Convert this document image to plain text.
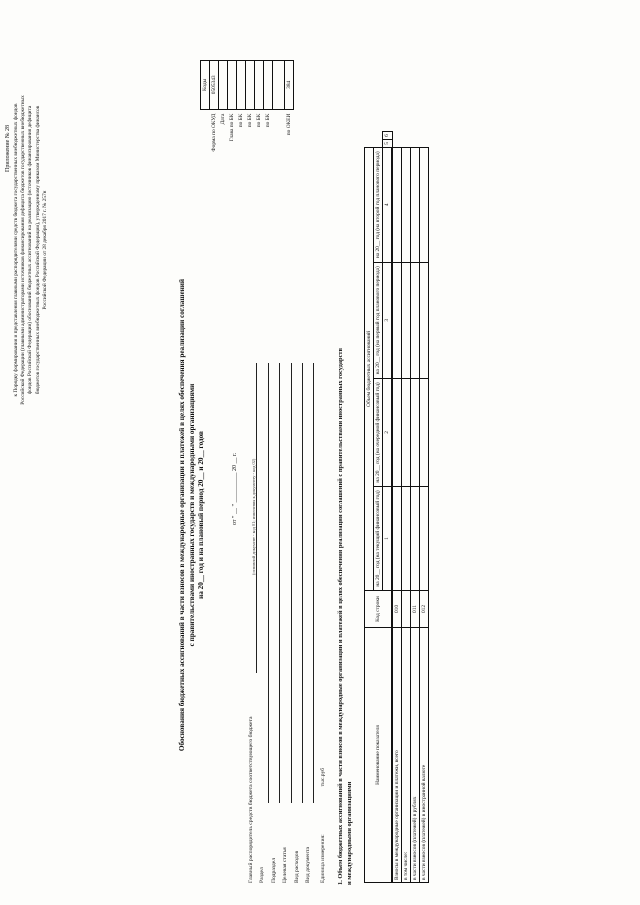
Приложение № 28 к Порядку формирования и представления главными распорядителями средств бюджета государственных внебюджетных фондов Российской Федерации (главными администраторами источников финансирования дефицита бюджетов государственных внебюджетных фондов Российской Федерации) обоснований бюджетных ассигнований на реализацию (источников финансирования дефицита бюджетов государственных внебюджетных фондов Российской Федерации), утвержденному приказом Министерства финансов Российской Федерации от 28 декабря 2017 г. № 257н
Обоснования бюджетных ассигнований в части взносов в международные организации и платежей в целях обеспечения реализации соглашений с правительствами иностранных государств и международными организациями на 20__ год и на плановый период 20__ и 20__ годов	от " __ " __________ 20 __ г.	(основной документ - код 01; изменения к документу - код 02)
	Коды
Форма по ОКУД	0505343
Дата	
Глава по БК	
по БК	
по БК	
по БК	
по БК	

по ОКЕИ	384
Главный распорядитель средств бюджета соответствующего бюджета Раздел Подраздел Целевая статья Вид расходов Вид документа	Единица измерения:тыс.руб 1. Объем бюджетных ассигнований в части взносов в международные организации и платежей в целях обеспечения реализации соглашений с правительствами иностранных государств и международными организациями
Наименование показателя	Код строки	Объем бюджетных ассигнований					
		на 20__ год (на текущий финансовый год)	на 20__ год (на очередной финансовый год)	на 20__ год (на первый год планового периода)	на 20__ год (на второй год планового периода)		
		1	2	3	4	5	6
Взносы в международные организации и платежи, всего	010						
в том числе:							
в части взносов (платежей) в рублях	011						
в части взносов (платежей) в иностранной валюте	012						
